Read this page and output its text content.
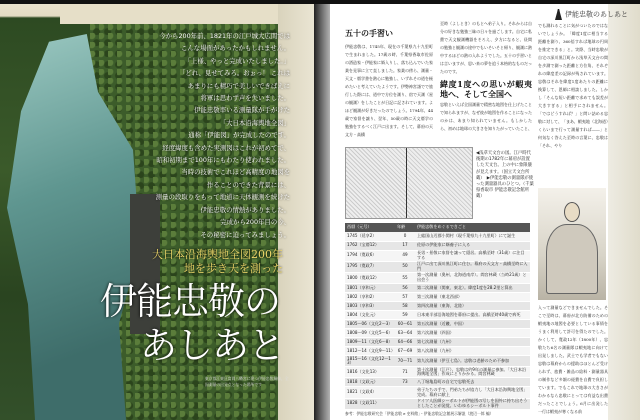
今から200年前、1821年の江戸城大広間では
こんな場面があったかもしれません。
「上様、やっと完成いたしました。」
「どれ、見せてみろ。おぉっ！ これは
あまりにも精巧で美しいできばえに
将軍は思わず声を失いました。
伊能忠敬率いる測量隊が手がけた
「大日本沿海輿地全図」
通称「伊能図」が完成したのです。
経度緯度も含めた実測図はこれが初めてで、
昭和初期まで100年にもわたり使われました。
当時の技術でこれほど高精度の地図を
作ることのできた背景には、
測量の段取りをもって地道に天体観測を続けた
伊能忠敬の情熱がありました。
完成から200年目の今、
その秘密に迫ってみましょう。
大日本沿海輿地全図200年
地を歩き天を測った
伊能忠敬の
あしあと
東京都江東区富岡八幡宮に建つ伊能忠敬銅像。全国測量の出発点となった場所です
伊能忠敬のあしあと
五十の手習い

伊能忠敬は、1745年、現在の千葉県九十九里町で生まれました。17歳の時、千葉県香取市佐原の酒造家・伊能家に婿入りし、落ち込んでいた家業を見事に立て直しました。家業の傍ら、測量・天文・暦学書を熱心に勉強し、いずれその道を極めたいと考えていたようです。伊勢神宮詣でで旅行した際には、道中で方位を測り、宿で天測（星の観測）をしたことが日記に記されています。よほど観測が好きだったのでしょう。1794年、44歳で家督を譲り、翌年、50歳の時に天文暦学の勉強をするべく江戸に出ます。そして、幕府の天文方・高橋

至時（よしとき）のもとへ弟子入り。それからは自分の好きな勉強三昧の日々を過ごします。自宅に私費で天文観測機器をそろえ、夕方になると、昼間の勉強と観測の途中でもいそいそと帰り、観測に熱中するほどの熱の入れようでした。五十の手習いとは言いますが、思い来の夢を追う本格的なものだったのです。

緯度1度への思いが蝦夷地へ、そして全国へ

忠敬といえば全国測量で精密な地図を仕上げたことで知られますが、なぜ彼が地図を作ることになったのかは、あまり知られていません。もしかしたら、初めは地球の大きさを知りたがっていたこと、

でも測れることに気がついたのではないでしょうか。「緯度1度に相当する距離を測り、360倍すれば地球の円周を推定できる」と。実際、当時忠敬が自宅の深川黒江町から浅草天文台の間を歩測で測った距離と方位角、それぞれの緯度差の記録が残されています。忠敬はそれを緯度1度あたりの距離に換算して、恩師に相談しました。しかし「そんな短い距離で求めても誤差が大きすぎる」と相手にされません。「ではどうすれば？」と問い詰める忠敬に対して、「まあ、蝦夷地（北海道）くらいまで行って測量すれば――」と何気なく答えた至時の言葉に、忠敬は「それ、やり

◀浅草天文台の図。江戸時代後期の1782年に幕府が設置した天文台。上の中に象限儀が見えます。（国立天文台所蔵）　▶伊能忠敬の測量隊が使った測量器具のひとつ。（千葉県香取市 伊能忠敬記念館所蔵）
西暦（元号）	年齢	伊能忠敬をめぐるできごと
1745（延享2）	0	上総国山辺郡小関村（現千葉県九十九里町）にて誕生
1762（宝暦12）	17	佐原の伊能家に婿養子に入る
1794（寛政6）	49	長男・景敬に家督を譲って隠居。高橋至時（31歳）に注目する
1795（寛政7）	50	江戸に出て深川黒江町に住む。幕府の天文方・高橋至時に入門
1800（寛政12）	55	第一次測量（奥州、北海道南岸）。間宮林蔵（当時21歳）と出会う
1801（享和元）	56	第二次測量（関東、東北）。緯度1度を28.2里と算出
1802（享和2）	57	第三次測量（東北西部）
1803（享和3）	58	第四次測量（東海、北陸）
1804（文化元）	59	日本東半部沿海地図を幕府に提出。高橋至時40歳で病死
1805〜06（文化2〜3）	60〜61	第五次測量（近畿、中国）
1808〜09（文化5〜6）	63〜64	第六次測量（四国）
1809〜11（文化6〜8）	64〜66	第七次測量（九州）
1812〜14（文化9〜11）	67〜69	第八次測量（九州）
1815〜16（文化12〜13）	70〜71	第九次測量（伊豆七島）。忠敬は老齢のため不参加
1816（文化13）	71	第十次測量（江戸）。忠敬は約9年の測量に参加。「大日本沿海輿地全図」作成にとりかかる。間宮林蔵
1818（文政元）	73	八丁堀亀島町の自宅で忠敬死去
1821（文政4）		弟子たちの手で、門弟たちが協力し「大日本沿海輿地全図」完成。幕府に献上
1828（文政11）		ドイツ人医師シーボルトが伊能図の写しを国外に持ち出そうとしたことが発覚。いわゆるシーボルト事件
参考：伊能忠敬研究会「伊能忠敬 e 史料館」・伊能忠敬記念館展示解説（渡辺一郎 編）

入って測量などできませんでした。そこで至時は、幕府が北方防備のための蝦夷地の地図を必要としている事情をうまく利用して許可を得たのでした。かくして、寛政12年（1800年）、忠敬たち6名の測量隊は蝦夷地に向けて出発しました。武士でも学者でもない忠敬は幕府からの援助はほとんど受けられず、旅費・雑品の給料・測量器具の制作など多額の経費を自費で負担しています。でもこれで地球の大きさがわかるなら忠敬にとっては有益な出費だったことでしょう。6月に出発した一行は蝦夷が寒くなる前
